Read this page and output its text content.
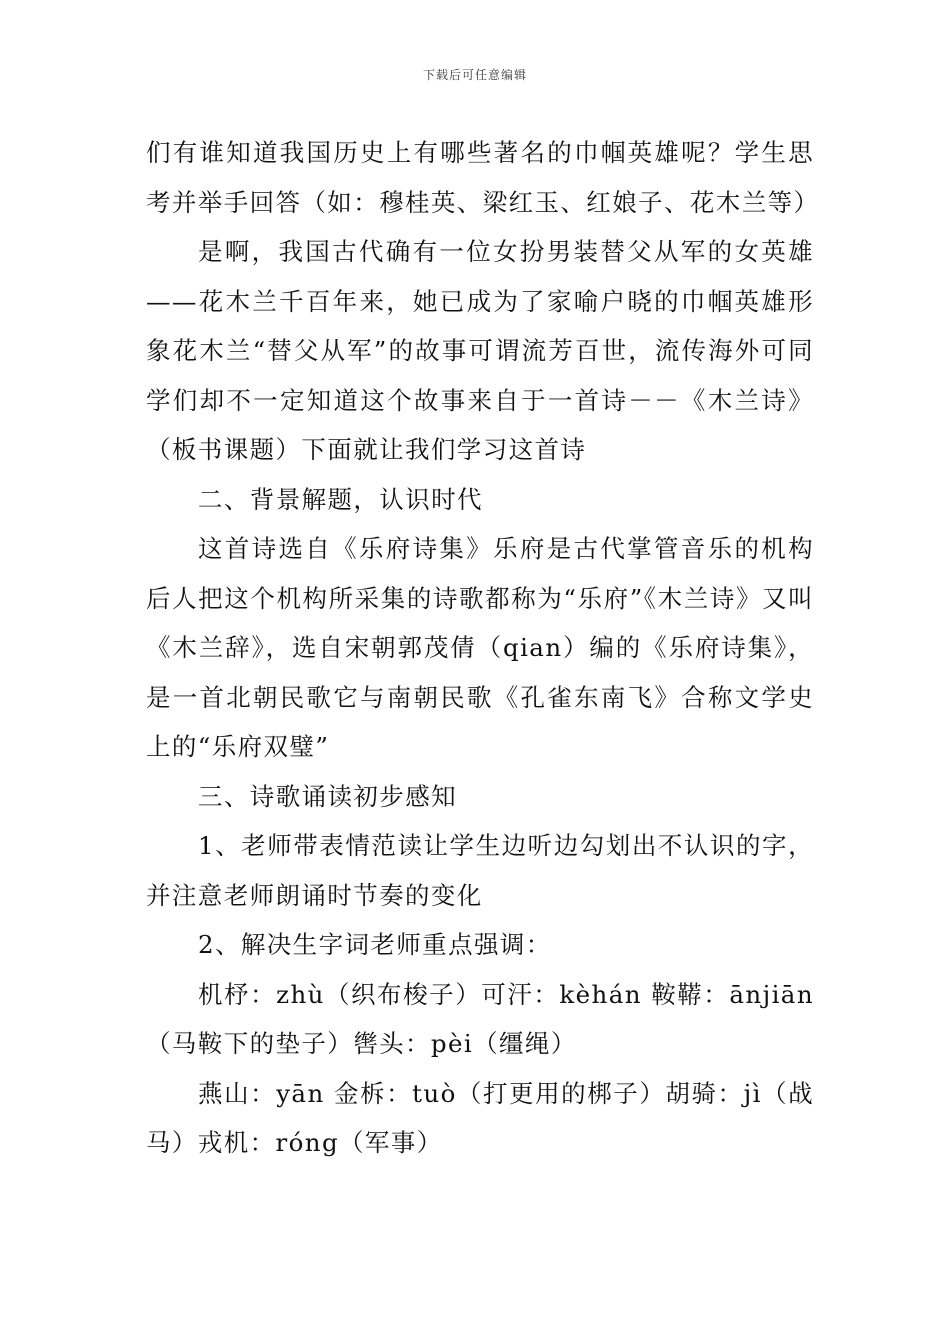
下载后可任意编辑

们有谁知道我国历史上有哪些著名的巾帼英雄呢？学生思考并举手回答（如：穆桂英、梁红玉、红娘子、花木兰等）

是啊，我国古代确有一位女扮男装替父从军的女英雄——花木兰千百年来，她已成为了家喻户晓的巾帼英雄形象花木兰“替父从军”的故事可谓流芳百世，流传海外可同学们却不一定知道这个故事来自于一首诗－－《木兰诗》（板书课题）下面就让我们学习这首诗

二、背景解题，认识时代

这首诗选自《乐府诗集》乐府是古代掌管音乐的机构后人把这个机构所采集的诗歌都称为“乐府”《木兰诗》又叫《木兰辞》，选自宋朝郭茂倩（qian）编的《乐府诗集》，是一首北朝民歌它与南朝民歌《孔雀东南飞》合称文学史上的“乐府双璧”

三、诗歌诵读初步感知

1、老师带表情范读让学生边听边勾划出不认识的字，并注意老师朗诵时节奏的变化

2、解决生字词老师重点强调：

机杼：zhù（织布梭子）可汗：kèhán 鞍鞯：ānjiān（马鞍下的垫子）辔头：pèi（缰绳）

燕山：yān 金柝：tuò（打更用的梆子）胡骑：jì（战马）戎机：róng（军事）
